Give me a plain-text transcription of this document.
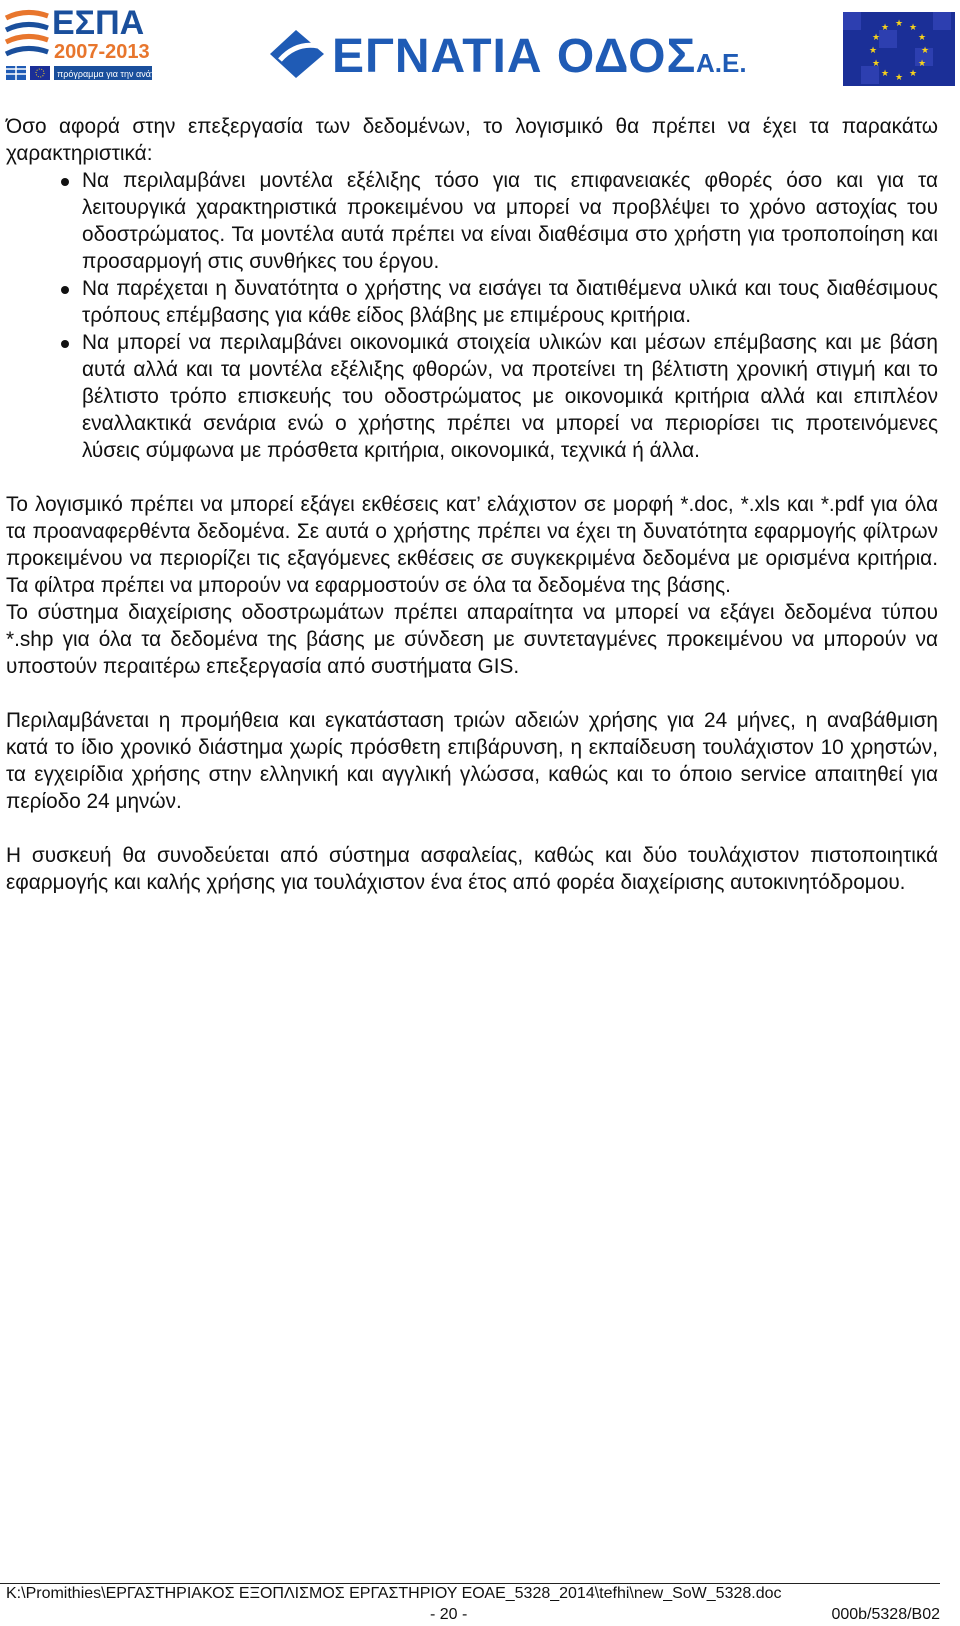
ΕΣΠΑ
2007-2013
πρόγραμμα για την ανάπτυξη	ΕΓΝΑΤΙΑ ΟΔΟΣ Α.Ε.
★ ★
★
★
★
★
★
★
★
★
★
★

Όσο αφορά στην επεξεργασία των δεδομένων, το λογισμικό θα πρέπει να έχει τα παρακάτω χαρακτηριστικά:

Να περιλαμβάνει μοντέλα εξέλιξης τόσο για τις επιφανειακές φθορές όσο και για τα λειτουργικά χαρακτηριστικά προκειμένου να μπορεί να προβλέψει το χρόνο αστοχίας του οδοστρώματος. Τα μοντέλα αυτά πρέπει να είναι διαθέσιμα στο χρήστη για τροποποίηση και προσαρμογή στις συνθήκες του έργου.
Να παρέχεται η δυνατότητα ο χρήστης να εισάγει τα διατιθέμενα υλικά και τους διαθέσιμους τρόπους επέμβασης για κάθε είδος βλάβης με επιμέρους κριτήρια.
Να μπορεί να περιλαμβάνει οικονομικά στοιχεία υλικών και μέσων επέμβασης και με βάση αυτά αλλά και τα μοντέλα εξέλιξης φθορών, να προτείνει τη βέλτιστη χρονική στιγμή και το βέλτιστο τρόπο επισκευής του οδοστρώματος με οικονομικά κριτήρια αλλά και επιπλέον εναλλακτικά σενάρια ενώ ο χρήστης πρέπει να μπορεί να περιορίσει τις προτεινόμενες λύσεις σύμφωνα με πρόσθετα κριτήρια, οικονομικά, τεχνικά ή άλλα.

Το λογισμικό πρέπει να μπορεί εξάγει εκθέσεις κατ’ ελάχιστον σε μορφή *.doc, *.xls και *.pdf για όλα τα προαναφερθέντα δεδομένα. Σε αυτά ο χρήστης πρέπει να έχει τη δυνατότητα εφαρμογής φίλτρων προκειμένου να περιορίζει τις εξαγόμενες εκθέσεις σε συγκεκριμένα δεδομένα με ορισμένα κριτήρια. Τα φίλτρα πρέπει να μπορούν να εφαρμοστούν σε όλα τα δεδομένα της βάσης.

Το σύστημα διαχείρισης οδοστρωμάτων πρέπει απαραίτητα να μπορεί να εξάγει δεδομένα τύπου *.shp για όλα τα δεδομένα της βάσης με σύνδεση με συντεταγμένες προκειμένου να μπορούν να υποστούν περαιτέρω επεξεργασία από συστήματα GIS.

Περιλαμβάνεται η προμήθεια και εγκατάσταση τριών αδειών χρήσης για 24 μήνες, η αναβάθμιση κατά το ίδιο χρονικό διάστημα χωρίς πρόσθετη επιβάρυνση, η εκπαίδευση τουλάχιστον 10 χρηστών, τα εγχειρίδια χρήσης στην ελληνική και αγγλική γλώσσα, καθώς και το όποιο service απαιτηθεί για περίοδο 24 μηνών.

Η συσκευή θα συνοδεύεται από σύστημα ασφαλείας, καθώς και δύο τουλάχιστον πιστοποιητικά εφαρμογής και καλής χρήσης για τουλάχιστον ένα έτος από φορέα διαχείρισης αυτοκινητόδρομου.

K:\Promithies\ΕΡΓΑΣΤΗΡΙΑΚΟΣ ΕΞΟΠΛΙΣΜΟΣ ΕΡΓΑΣΤΗΡΙΟΥ ΕΟΑΕ_5328_2014\tefhi\new_SoW_5328.doc
- 20 -	000b/5328/B02
